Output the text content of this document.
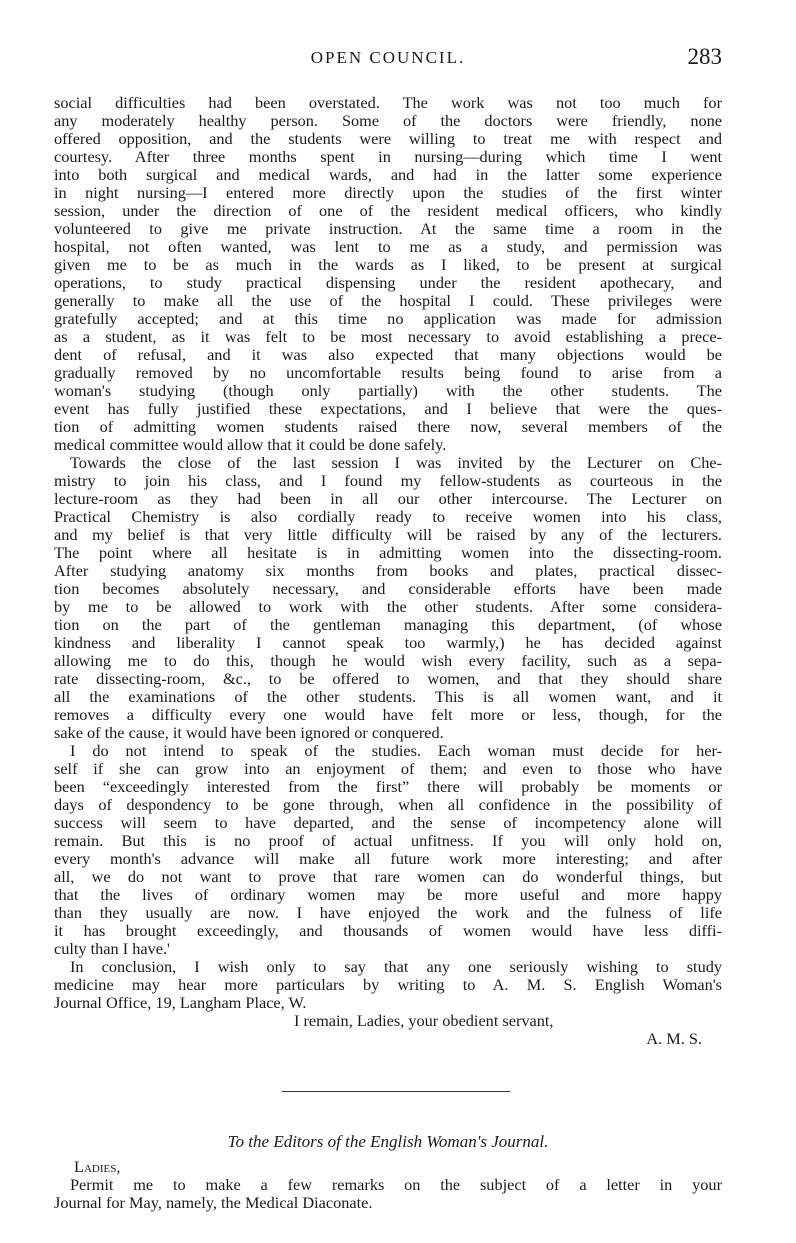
OPEN COUNCIL.	283
social difficulties had been overstated. The work was not too much for
any moderately healthy person. Some of the doctors were friendly, none
offered opposition, and the students were willing to treat me with respect and
courtesy. After three months spent in nursing—during which time I went
into both surgical and medical wards, and had in the latter some experience
in night nursing—I entered more directly upon the studies of the first winter
session, under the direction of one of the resident medical officers, who kindly
volunteered to give me private instruction. At the same time a room in the
hospital, not often wanted, was lent to me as a study, and permission was
given me to be as much in the wards as I liked, to be present at surgical
operations, to study practical dispensing under the resident apothecary, and
generally to make all the use of the hospital I could. These privileges were
gratefully accepted; and at this time no application was made for admission
as a student, as it was felt to be most necessary to avoid establishing a prece-
dent of refusal, and it was also expected that many objections would be
gradually removed by no uncomfortable results being found to arise from a
woman's studying (though only partially) with the other students. The
event has fully justified these expectations, and I believe that were the ques-
tion of admitting women students raised there now, several members of the
medical committee would allow that it could be done safely.
Towards the close of the last session I was invited by the Lecturer on Che-
mistry to join his class, and I found my fellow-students as courteous in the
lecture-room as they had been in all our other intercourse. The Lecturer on
Practical Chemistry is also cordially ready to receive women into his class,
and my belief is that very little difficulty will be raised by any of the lecturers.
The point where all hesitate is in admitting women into the dissecting-room.
After studying anatomy six months from books and plates, practical dissec-
tion becomes absolutely necessary, and considerable efforts have been made
by me to be allowed to work with the other students. After some considera-
tion on the part of the gentleman managing this department, (of whose
kindness and liberality I cannot speak too warmly,) he has decided against
allowing me to do this, though he would wish every facility, such as a sepa-
rate dissecting-room, &c., to be offered to women, and that they should share
all the examinations of the other students. This is all women want, and it
removes a difficulty every one would have felt more or less, though, for the
sake of the cause, it would have been ignored or conquered.
I do not intend to speak of the studies. Each woman must decide for her-
self if she can grow into an enjoyment of them; and even to those who have
been “exceedingly interested from the first” there will probably be moments or
days of despondency to be gone through, when all confidence in the possibility of
success will seem to have departed, and the sense of incompetency alone will
remain. But this is no proof of actual unfitness. If you will only hold on,
every month's advance will make all future work more interesting; and after
all, we do not want to prove that rare women can do wonderful things, but
that the lives of ordinary women may be more useful and more happy
than they usually are now. I have enjoyed the work and the fulness of life
it has brought exceedingly, and thousands of women would have less diffi-
culty than I have.'
In conclusion, I wish only to say that any one seriously wishing to study
medicine may hear more particulars by writing to A. M. S. English Woman's
Journal Office, 19, Langham Place, W.
I remain, Ladies, your obedient servant,
A. M. S.
To the Editors of the English Woman's Journal.
Ladies,
Permit me to make a few remarks on the subject of a letter in your
Journal for May, namely, the Medical Diaconate.
